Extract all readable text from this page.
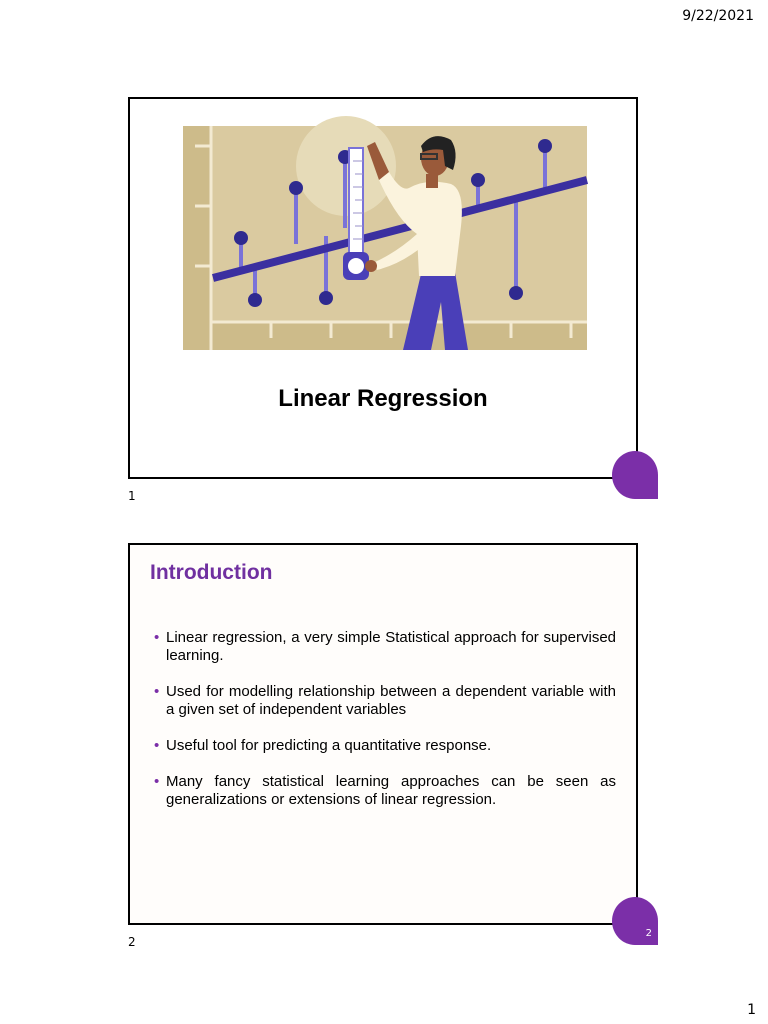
9/22/2021
Linear Regression
1
Introduction
• Linear regression, a very simple Statistical approach for supervised learning.
• Used for modelling relationship between a dependent variable with a given set of independent variables
• Useful tool for predicting a quantitative response.
• Many fancy statistical learning approaches can be seen as generalizations or extensions of linear regression.
2
2
1
